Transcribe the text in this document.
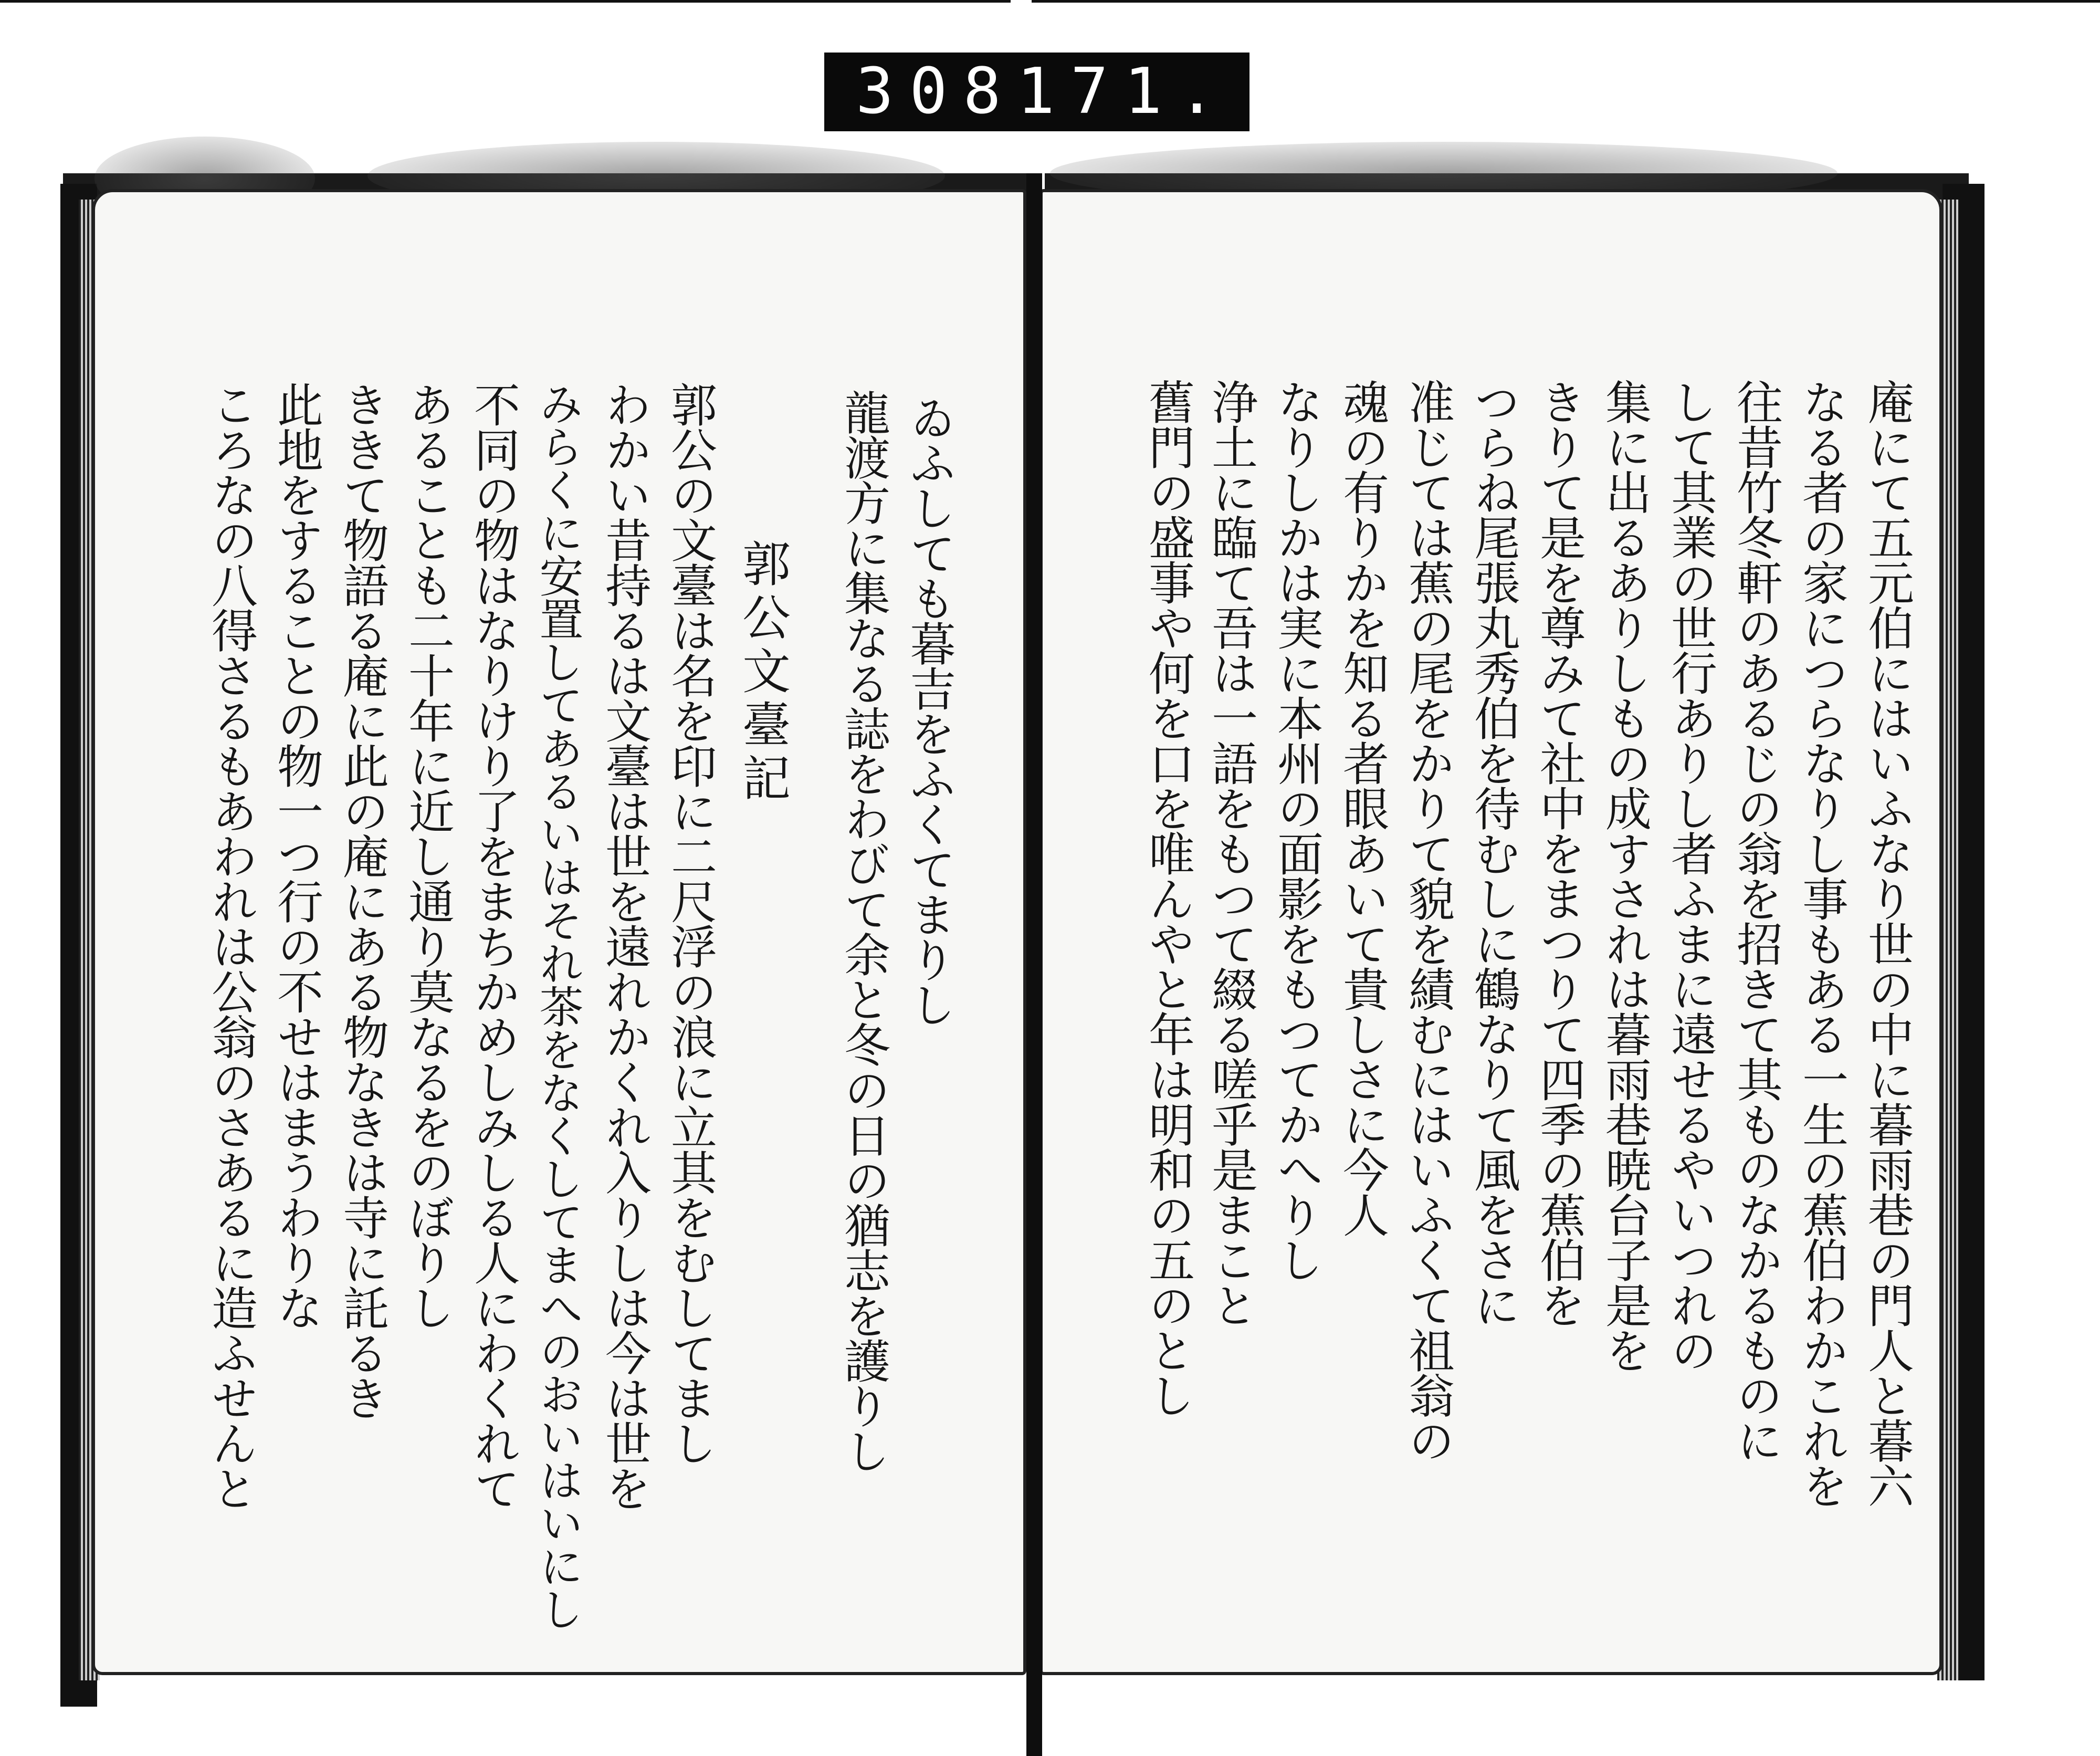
308 171.
庵にて五元伯にはいふなり世の中に暮雨巷の門人と暮六
なる者の家につらなりし事もある一生の蕉伯わかこれを
往昔竹冬軒のあるじの翁を招きて其ものなかるものに
して其業の世行ありし者ふまに遠せるやいつれの
集に出るありしもの成すされは暮雨巷暁台子是を
きりて是を尊みて社中をまつりて四季の蕉伯を
つらね尾張丸秀伯を待むしに鶴なりて風をさに
准じては蕉の尾をかりて貌を績むにはいふくて祖翁の
魂の有りかを知る者眼あいて貴しさに今人
なりしかは実に本州の面影をもつてかへりし
浄土に臨て吾は一語をもつて綴る嗟乎是まこと
舊門の盛事や何を口を唯んやと年は明和の五のとし
ゐふしても暮吉をふくてまりし
龍渡方に集なる誌をわびて余と冬の日の猶志を護りし
郭公文臺記
郭公の文臺は名を印に二尺浮の浪に立其をむしてまし
わかい昔持るは文臺は世を遠れかくれ入りしは今は世を
みらくに安置してあるいはそれ茶をなくしてまへのおいはいにし
不同の物はなりけり了をまちかめしみしる人にわくれて
あることも二十年に近し通り莫なるをのぼりし
ききて物語る庵に此の庵にある物なきは寺に託るき
此地をすることの物一つ行の不せはまうわりな
ころなの八得さるもあわれは公翁のさあるに造ふせんと
